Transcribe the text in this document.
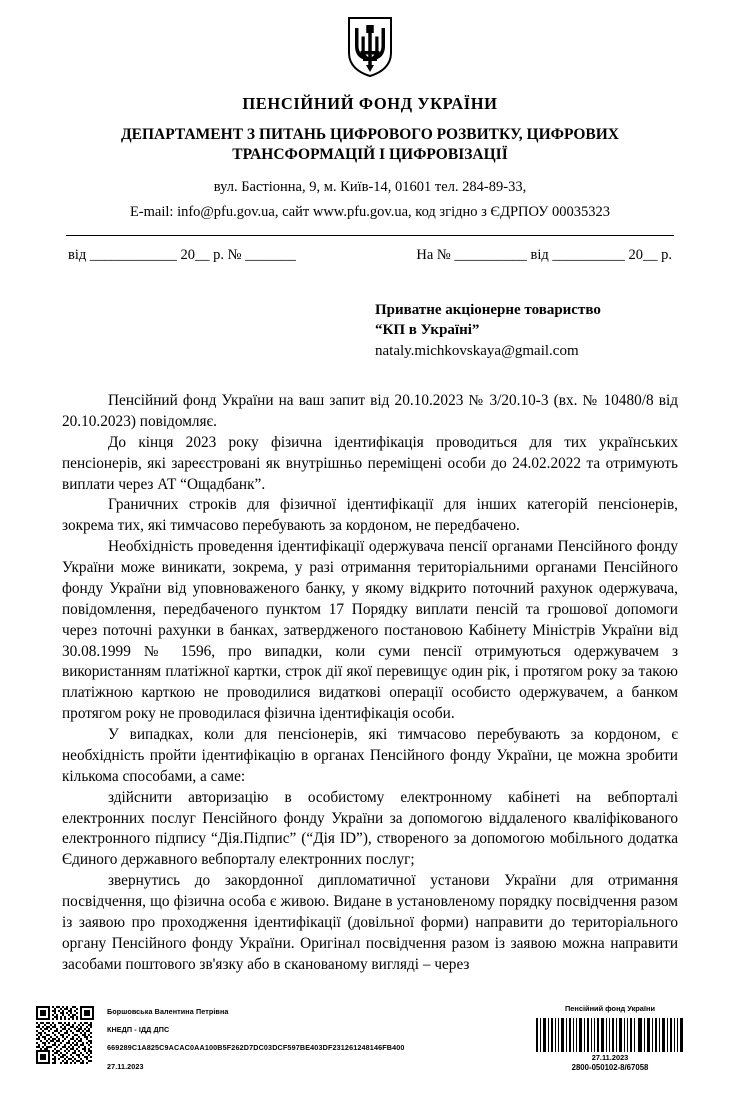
ПЕНСІЙНИЙ ФОНД УКРАЇНИ
ДЕПАРТАМЕНТ З ПИТАНЬ ЦИФРОВОГО РОЗВИТКУ, ЦИФРОВИХ
ТРАНСФОРМАЦІЙ І ЦИФРОВІЗАЦІЇ
вул. Бастіонна, 9, м. Київ-14, 01601 тел. 284-89-33,
E-mail: info@pfu.gov.ua, сайт www.pfu.gov.ua, код згідно з ЄДРПОУ 00035323
від ____________ 20__ р. № _______	На № __________ від __________ 20__ р.
Приватне акціонерне товариство
“КП в Україні”
nataly.michkovskaya@gmail.com

Пенсійний фонд України на ваш запит від 20.10.2023 № 3/20.10-3 (вх. № 10480/8 від 20.10.2023) повідомляє.

До кінця 2023 року фізична ідентифікація проводиться для тих українських пенсіонерів, які зареєстровані як внутрішньо переміщені особи до 24.02.2022 та отримують виплати через АТ “Ощадбанк”.

Граничних строків для фізичної ідентифікації для інших категорій пенсіонерів, зокрема тих, які тимчасово перебувають за кордоном, не передбачено.

Необхідність проведення ідентифікації одержувача пенсії органами Пенсійного фонду України може виникати, зокрема, у разі отримання територіальними органами Пенсійного фонду України від уповноваженого банку, у якому відкрито поточний рахунок одержувача, повідомлення, передбаченого пунктом 17 Порядку виплати пенсій та грошової допомоги через поточні рахунки в банках, затвердженого постановою Кабінету Міністрів України від 30.08.1999 № 1596, про випадки, коли суми пенсії отримуються одержувачем з використанням платіжної картки, строк дії якої перевищує один рік, і протягом року за такою платіжною карткою не проводилися видаткові операції особисто одержувачем, а банком протягом року не проводилася фізична ідентифікація особи.

У випадках, коли для пенсіонерів, які тимчасово перебувають за кордоном, є необхідність пройти ідентифікацію в органах Пенсійного фонду України, це можна зробити кількома способами, а саме:

здійснити авторизацію в особистому електронному кабінеті на вебпорталі електронних послуг Пенсійного фонду України за допомогою віддаленого кваліфікованого електронного підпису “Дія.Підпис” (“Дія ID”), створеного за допомогою мобільного додатка Єдиного державного вебпорталу електронних послуг;

звернутись до закордонної дипломатичної установи України для отримання посвідчення, що фізична особа є живою. Видане в установленому порядку посвідчення разом із заявою про проходження ідентифікації (довільної форми) направити до територіального органу Пенсійного фонду України. Оригінал посвідчення разом із заявою можна направити засобами поштового зв'язку або в сканованому вигляді – через

Боршовська Валентина Петрівна
КНЕДП - ІДД ДПС
669289C1A825C9ACAC0AA100B5F262D7DC03DCF597BE403DF231261248146FB400
27.11.2023
Пенсійний фонд України
27.11.2023
2800-050102-8/67058
